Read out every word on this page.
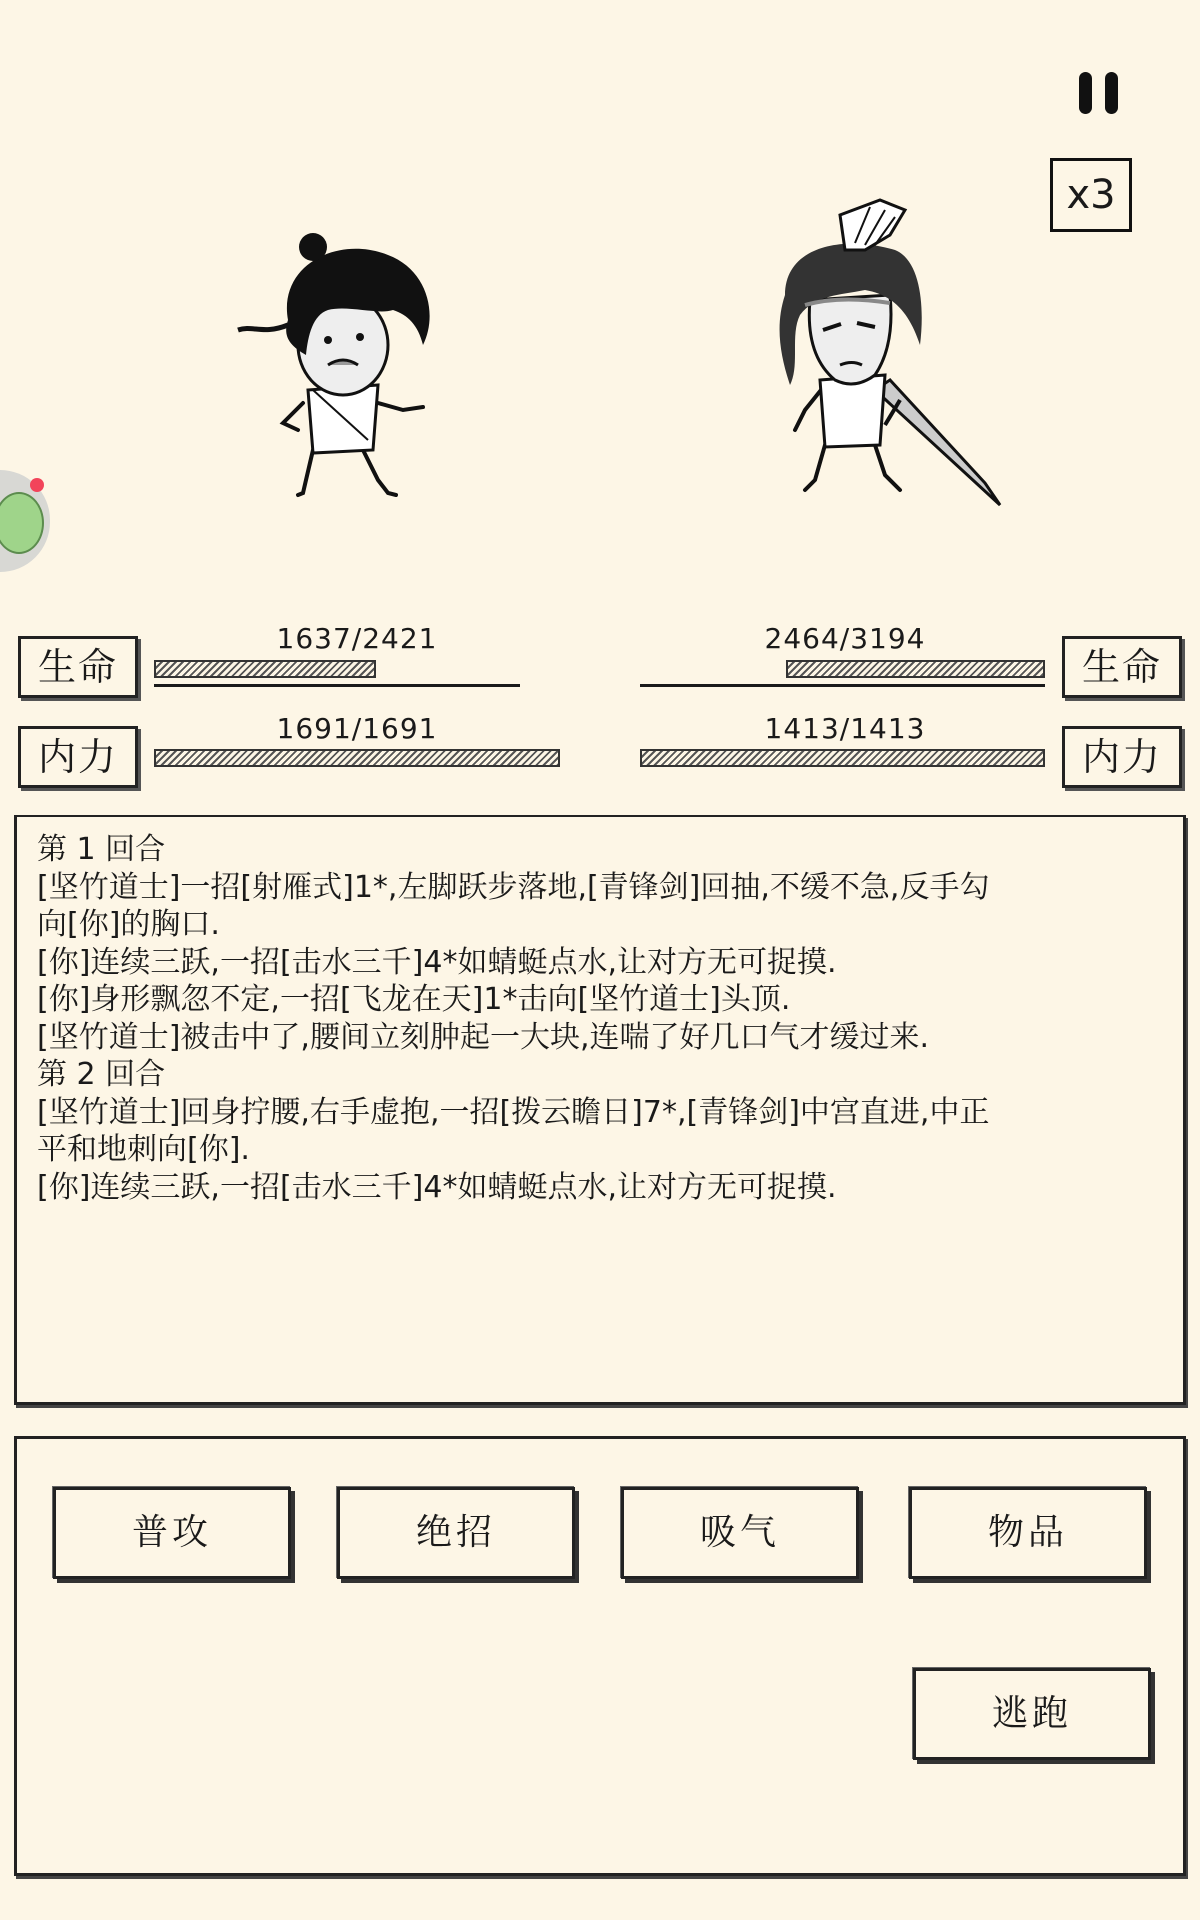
x3
生命
1637/2421
内力
1691/1691
生命
2464/3194
内力
1413/1413
第 1 回合
[坚竹道士]一招[射雁式]1*,左脚跃步落地,[青锋剑]回抽,不缓不急,反手勾
向[你]的胸口.
[你]连续三跃,一招[击水三千]4*如蜻蜓点水,让对方无可捉摸.
[你]身形飘忽不定,一招[飞龙在天]1*击向[坚竹道士]头顶.
[坚竹道士]被击中了,腰间立刻肿起一大块,连喘了好几口气才缓过来.
第 2 回合
[坚竹道士]回身拧腰,右手虚抱,一招[拨云瞻日]7*,[青锋剑]中宫直进,中正
平和地刺向[你].
[你]连续三跃,一招[击水三千]4*如蜻蜓点水,让对方无可捉摸.
普攻	绝招	吸气	物品
逃跑
